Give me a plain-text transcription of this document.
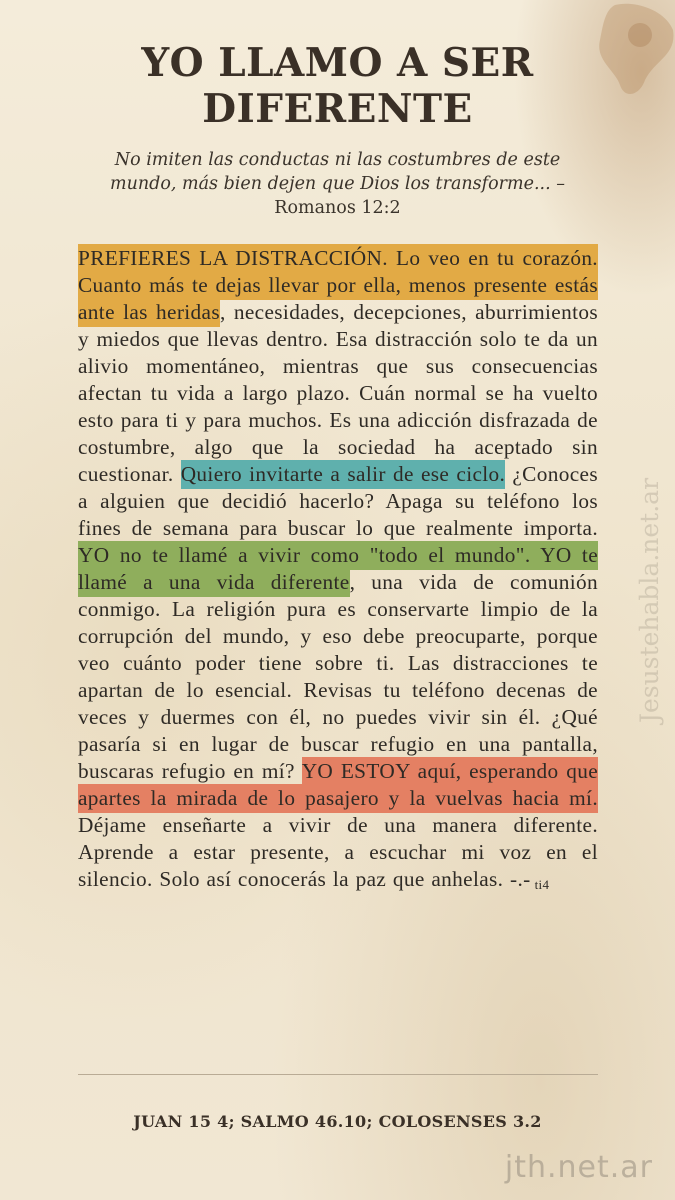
YO LLAMO A SER
DIFERENTE
No imiten las conductas ni las costumbres de este mundo, más bien dejen que Dios los transforme... –
Romanos 12:2
PREFIERES LA DISTRACCIÓN. Lo veo en tu corazón. Cuanto más te dejas llevar por ella, menos presente estás ante las heridas, necesidades, decepciones, aburrimientos y miedos que llevas dentro. Esa distracción solo te da un alivio momentáneo, mientras que sus consecuencias afectan tu vida a largo plazo. Cuán normal se ha vuelto esto para ti y para muchos. Es una adicción disfrazada de costumbre, algo que la sociedad ha aceptado sin cuestionar. Quiero invitarte a salir de ese ciclo. ¿Conoces a alguien que decidió hacerlo? Apaga su teléfono los fines de semana para buscar lo que realmente importa. YO no te llamé a vivir como "todo el mundo". YO te llamé a una vida diferente, una vida de comunión conmigo. La religión pura es conservarte limpio de la corrupción del mundo, y eso debe preocuparte, porque veo cuánto poder tiene sobre ti. Las distracciones te apartan de lo esencial. Revisas tu teléfono decenas de veces y duermes con él, no puedes vivir sin él. ¿Qué pasaría si en lugar de buscar refugio en una pantalla, buscaras refugio en mí? YO ESTOY aquí, esperando que apartes la mirada de lo pasajero y la vuelvas hacia mí. Déjame enseñarte a vivir de una manera diferente. Aprende a estar presente, a escuchar mi voz en el silencio. Solo así conocerás la paz que anhelas. -.- ti4
JUAN 15 4; SALMO 46.10; COLOSENSES 3.2
Jesustehabla.net.ar
jth.net.ar
